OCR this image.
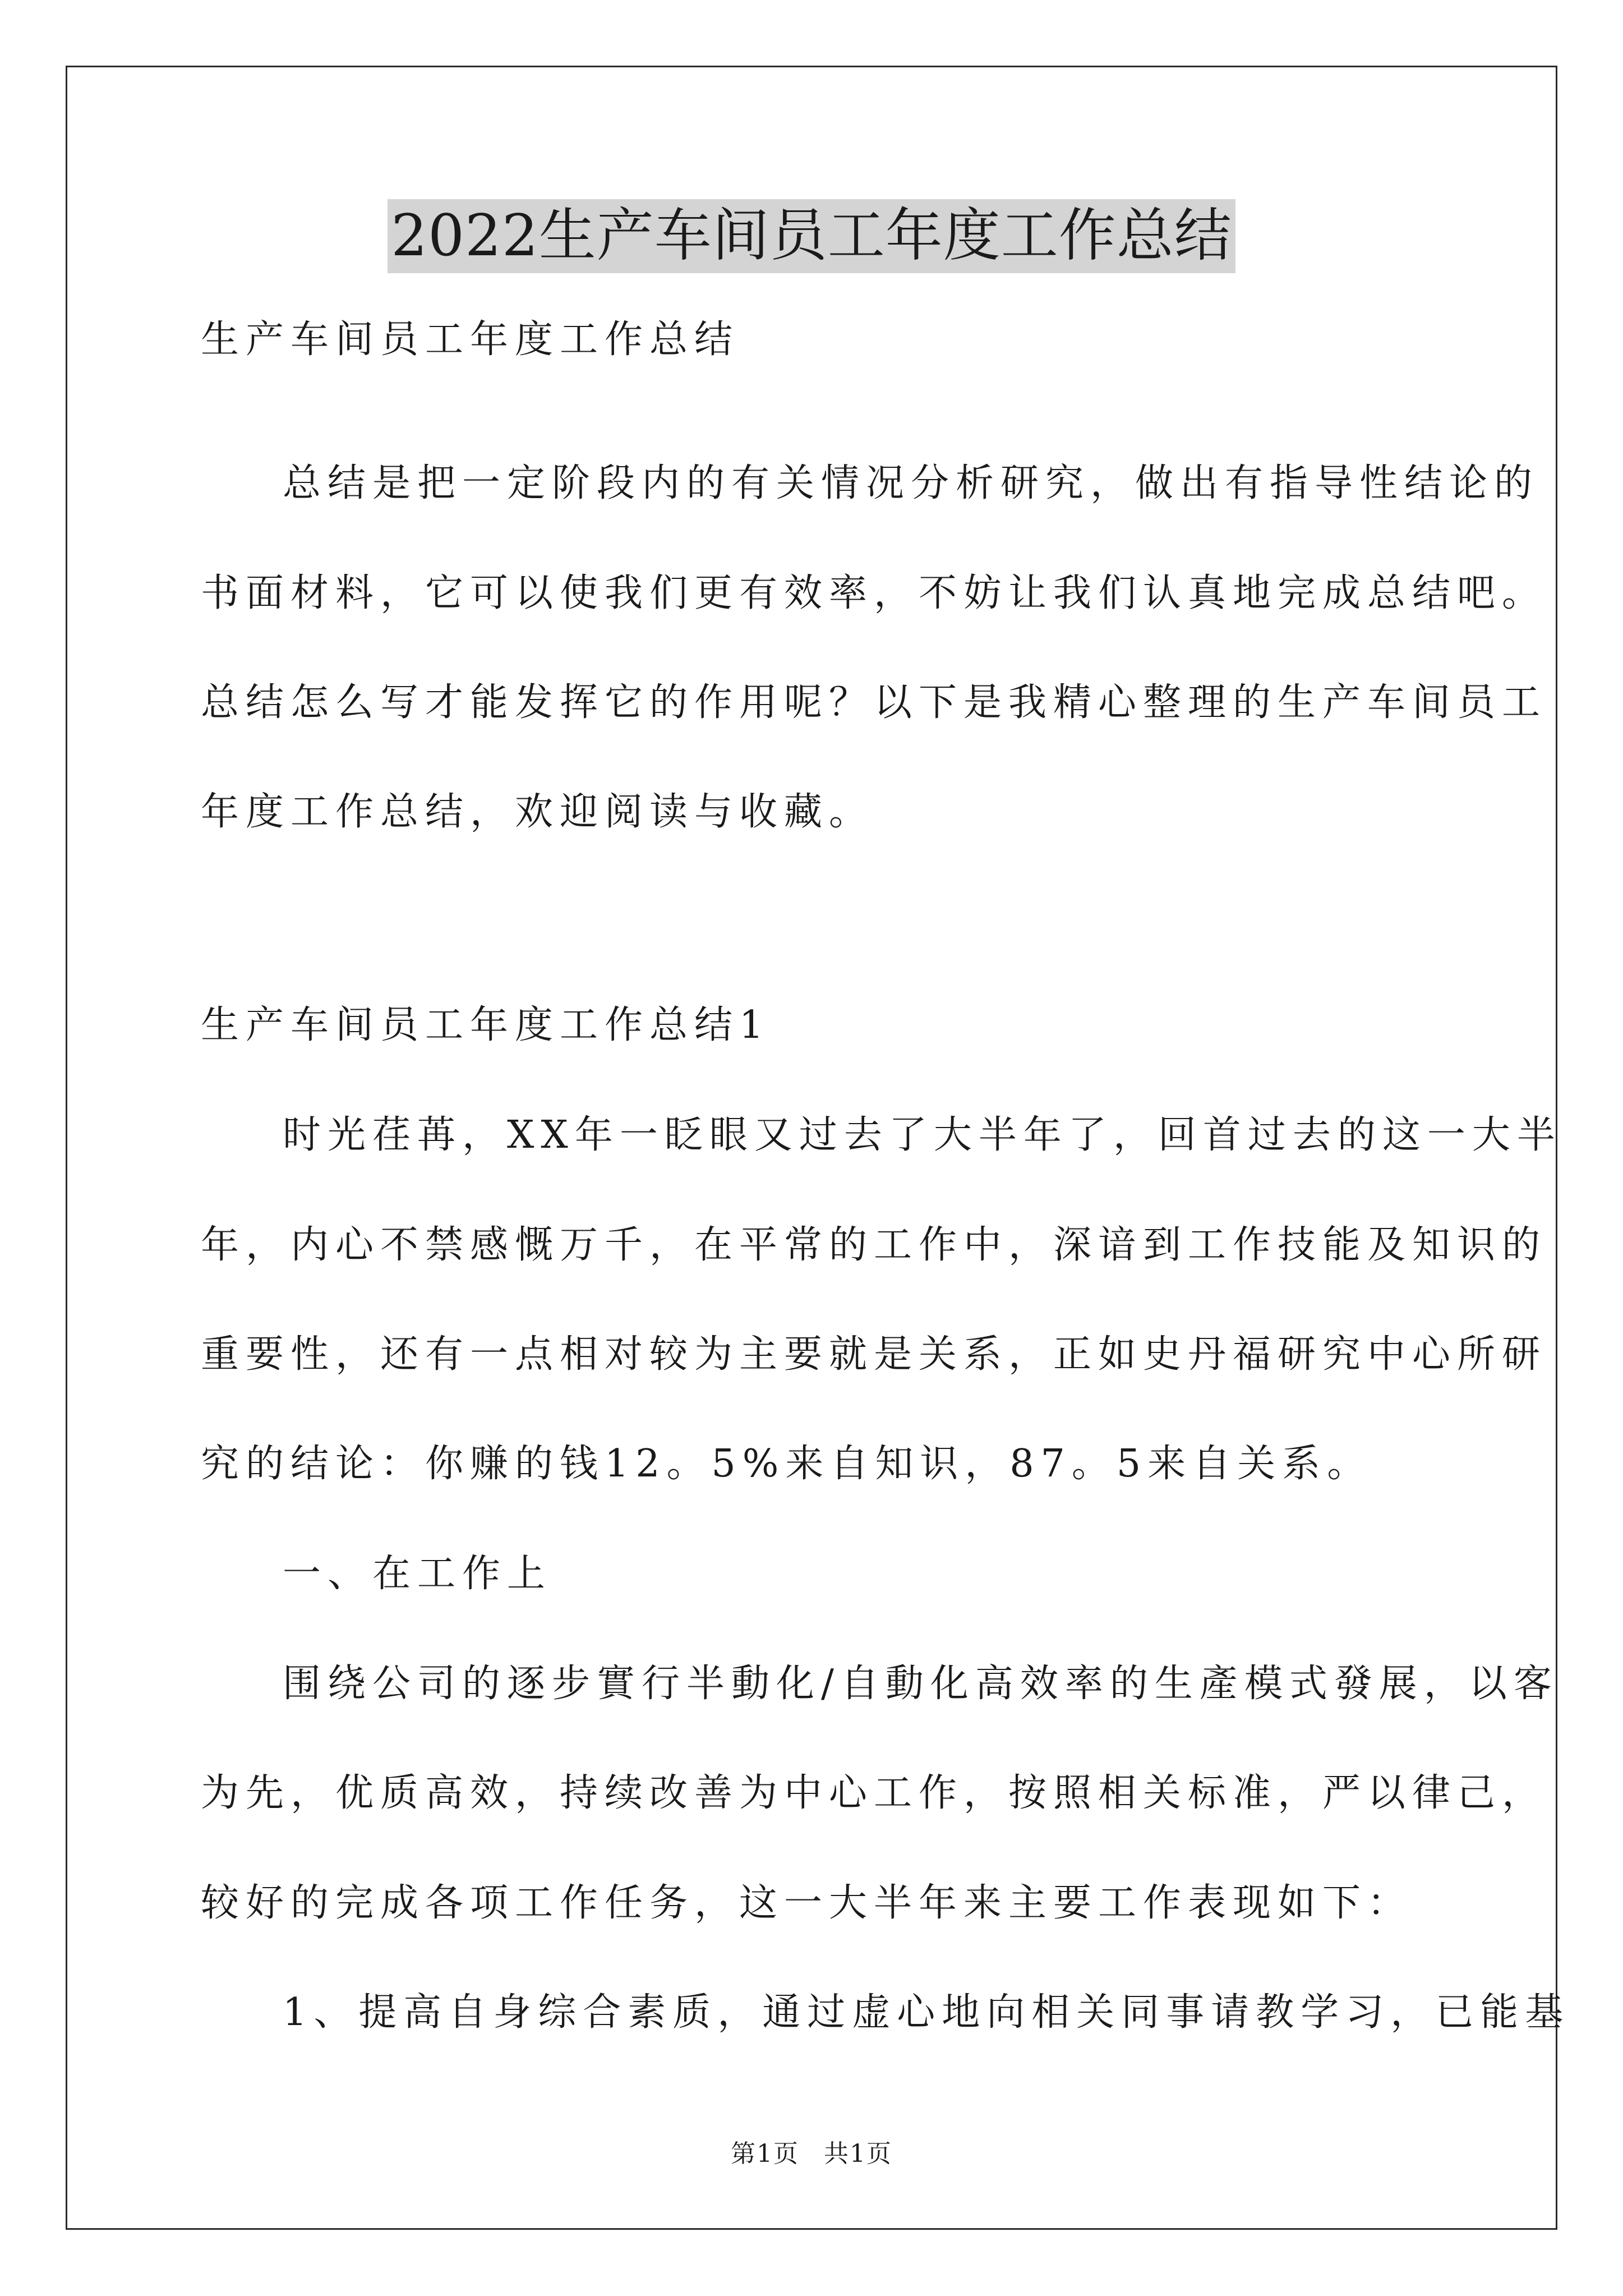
2022生产车间员工年度工作总结
生产车间员工年度工作总结
总结是把一定阶段内的有关情况分析研究，做出有指导性结论的
书面材料，它可以使我们更有效率，不妨让我们认真地完成总结吧。
总结怎么写才能发挥它的作用呢？以下是我精心整理的生产车间员工
年度工作总结，欢迎阅读与收藏。
生产车间员工年度工作总结1
时光荏苒，XX年一眨眼又过去了大半年了，回首过去的这一大半
年，内心不禁感慨万千，在平常的工作中，深谙到工作技能及知识的
重要性，还有一点相对较为主要就是关系，正如史丹福研究中心所研
究的结论：你赚的钱12。5%来自知识，87。5来自关系。
一、在工作上
围绕公司的逐步實行半動化/自動化高效率的生產模式發展，以客
为先，优质高效，持续改善为中心工作，按照相关标准，严以律己，
较好的完成各项工作任务，这一大半年来主要工作表现如下：
1、提高自身综合素质，通过虚心地向相关同事请教学习，已能基
第1页 共1页
